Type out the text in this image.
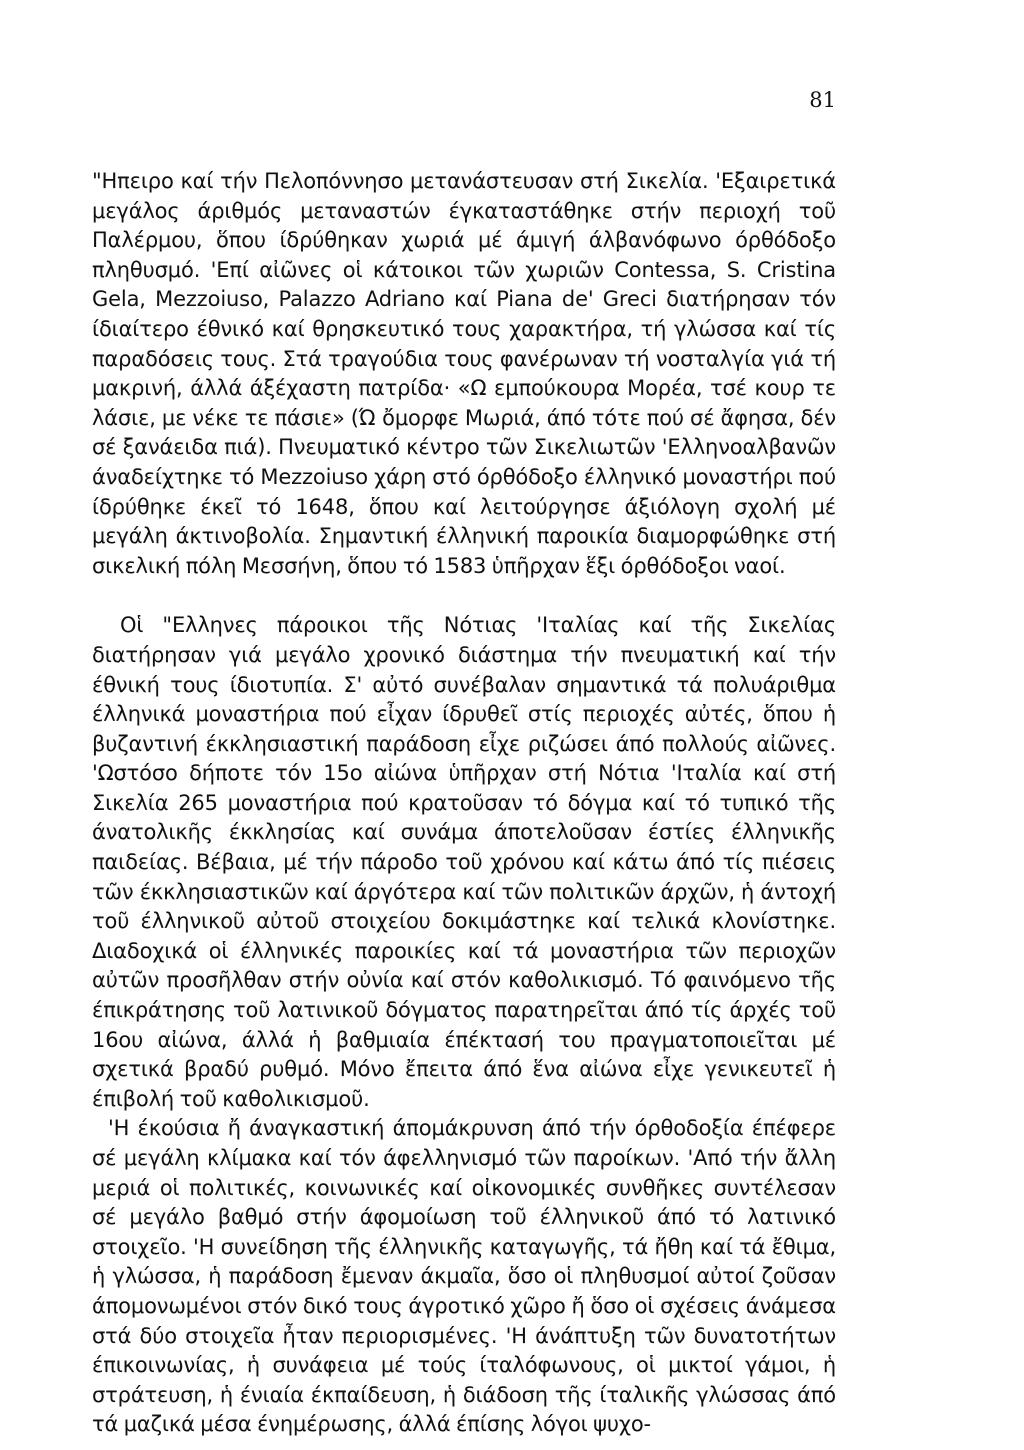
81

"Ηπειρο καί τήν Πελοπόννησο μετανάστευσαν στή Σικελία. 'Εξαιρετικά μεγάλος άριθμός μεταναστών έγκαταστάθηκε στήν περιοχή τοῦ Παλέρμου, ὅπου ίδρύθηκαν χωριά μέ άμιγή άλβανόφωνο όρθόδοξο πληθυσμό. 'Επί αἰῶνες οἱ κάτοικοι τῶν χωριῶν Contessa, S. Cristina Gela, Mezzoiuso, Palazzo Adriano καί Piana de' Greci διατήρησαν τόν ίδιαίτερο έθνικό καί θρησκευτικό τους χαρακτήρα, τή γλώσσα καί τίς παραδόσεις τους. Στά τραγούδια τους φανέρωναν τή νοσταλγία γιά τή μακρινή, άλλά άξέχαστη πατρίδα· «Ω εμπούκουρα Μορέα, τσέ κουρ τε λάσιε, με νέκε τε πάσιε» (Ώ ὄμορφε Μωριά, άπό τότε πού σέ ἄφησα, δέν σέ ξανάειδα πιά). Πνευματικό κέντρο τῶν Σικελιωτῶν 'Ελληνοαλβανῶν άναδείχτηκε τό Mezzoiuso χάρη στό όρθόδοξο έλληνικό μοναστήρι πού ίδρύθηκε έκεῖ τό 1648, ὅπου καί λειτούργησε άξιόλογη σχολή μέ μεγάλη άκτινοβολία. Σημαντική έλληνική παροικία διαμορφώθηκε στή σικελική πόλη Μεσσήνη, ὅπου τό 1583 ὑπῆρχαν ἕξι όρθόδοξοι ναοί.

Οἱ "Ελληνες πάροικοι τῆς Νότιας 'Ιταλίας καί τῆς Σικελίας διατήρησαν γιά μεγάλο χρονικό διάστημα τήν πνευματική καί τήν έθνική τους ίδιοτυπία. Σ' αὐτό συνέβαλαν σημαντικά τά πολυάριθμα έλληνικά μοναστήρια πού εἶχαν ίδρυθεῖ στίς περιοχές αὐτές, ὅπου ἡ βυζαντινή έκκλησιαστική παράδοση εἶχε ριζώσει άπό πολλούς αἰῶνες. 'Ωστόσο δήποτε τόν 15ο αἰώνα ὑπῆρχαν στή Νότια 'Ιταλία καί στή Σικελία 265 μοναστήρια πού κρατοῦσαν τό δόγμα καί τό τυπικό τῆς άνατολικῆς έκκλησίας καί συνάμα άποτελοῦσαν έστίες έλληνικῆς παιδείας. Βέβαια, μέ τήν πάροδο τοῦ χρόνου καί κάτω άπό τίς πιέσεις τῶν έκκλησιαστικῶν καί άργότερα καί τῶν πολιτικῶν άρχῶν, ἡ άντοχή τοῦ έλληνικοῦ αὐτοῦ στοιχείου δοκιμάστηκε καί τελικά κλονίστηκε. Διαδοχικά οἱ έλληνικές παροικίες καί τά μοναστήρια τῶν περιοχῶν αὐτῶν προσῆλθαν στήν οὐνία καί στόν καθολικισμό. Τό φαινόμενο τῆς έπικράτησης τοῦ λατινικοῦ δόγματος παρατηρεῖται άπό τίς άρχές τοῦ 16ου αἰώνα, άλλά ἡ βαθμιαία έπέκτασή του πραγματοποιεῖται μέ σχετικά βραδύ ρυθμό. Μόνο ἔπειτα άπό ἕνα αἰώνα εἶχε γενικευτεῖ ἡ έπιβολή τοῦ καθολικισμοῦ.

'Η έκούσια ἤ άναγκαστική άπομάκρυνση άπό τήν όρθοδοξία έπέφερε σέ μεγάλη κλίμακα καί τόν άφελληνισμό τῶν παροίκων. 'Από τήν ἄλλη μεριά οἱ πολιτικές, κοινωνικές καί οἰκονομικές συνθῆκες συντέλεσαν σέ μεγάλο βαθμό στήν άφομοίωση τοῦ έλληνικοῦ άπό τό λατινικό στοιχεῖο. 'Η συνείδηση τῆς έλληνικῆς καταγωγῆς, τά ἤθη καί τά ἔθιμα, ἡ γλώσσα, ἡ παράδοση ἔμεναν άκμαῖα, ὅσο οἱ πληθυσμοί αὐτοί ζοῦσαν άπομονωμένοι στόν δικό τους άγροτικό χῶρο ἤ ὅσο οἱ σχέσεις άνάμεσα στά δύο στοιχεῖα ἦταν περιορισμένες. 'Η άνάπτυξη τῶν δυνατοτήτων έπικοινωνίας, ἡ συνάφεια μέ τούς ίταλόφωνους, οἱ μικτοί γάμοι, ἡ στράτευση, ἡ ένιαία έκπαίδευση, ἡ διάδοση τῆς ίταλικῆς γλώσσας άπό τά μαζικά μέσα ένημέρωσης, άλλά έπίσης λόγοι ψυχο-
